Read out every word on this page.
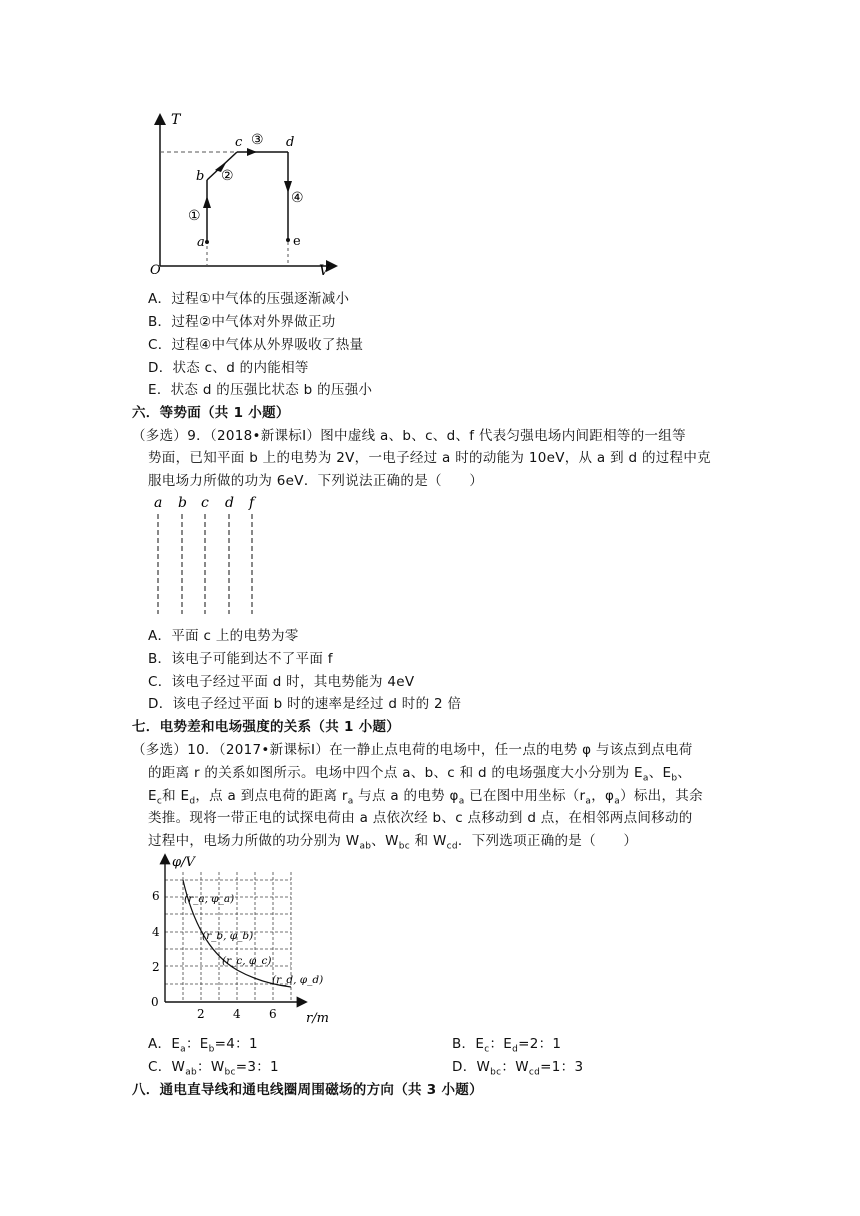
T
V
O
a
b
c	d
e
①
②
③
④
A．过程①中气体的压强逐渐减小
B．过程②中气体对外界做正功
C．过程④中气体从外界吸收了热量
D．状态 c、d 的内能相等
E．状态 d 的压强比状态 b 的压强小
六．等势面（共 1 小题）
（多选）9．（2018•新课标Ⅰ）图中虚线 a、b、c、d、f 代表匀强电场内间距相等的一组等
势面，已知平面 b 上的电势为 2V，一电子经过 a 时的动能为 10eV，从 a 到 d 的过程中克
服电场力所做的功为 6eV．下列说法正确的是（　　）
a b c d f
A．平面 c 上的电势为零
B．该电子可能到达不了平面 f
C．该电子经过平面 d 时，其电势能为 4eV
D．该电子经过平面 b 时的速率是经过 d 时的 2 倍
七．电势差和电场强度的关系（共 1 小题）
（多选）10．（2017•新课标Ⅰ）在一静止点电荷的电场中，任一点的电势 φ 与该点到点电荷
的距离 r 的关系如图所示。电场中四个点 a、b、c 和 d 的电场强度大小分别为 $E_a$、$E_b$、
$E_c$和 $E_d$，点 a 到点电荷的距离 $r_a$ 与点 a 的电势 $\varphi_a$ 已在图中用坐标（$r_a$，$\varphi_a$）标出，其余
类推。现将一带正电的试探电荷由 a 点依次经 b、c 点移动到 d 点，在相邻两点间移动的
过程中，电场力所做的功分别为 $W_{ab}$、$W_{bc}$ 和 $W_{cd}$．下列选项正确的是（　　）
φ/V
r/m
0
6
4
2
2 4 6
(r_a, φ_a)
(r_b, φ_b)
(r_c, φ_c)
(r_d, φ_d)
A．$E_a$：$E_b=4$：1	B．$E_c$：$E_d=2$：1
C．$W_{ab}$：$W_{bc}=3$：1	D．$W_{bc}$：$W_{cd}=1$：3
八．通电直导线和通电线圈周围磁场的方向（共 3 小题）
